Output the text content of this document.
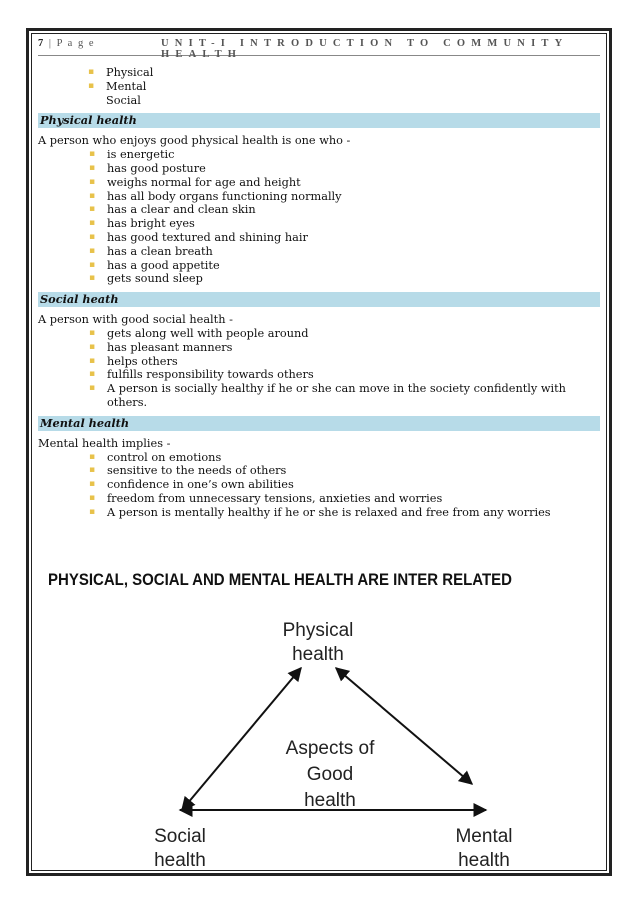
7 | P a g e	UNIT-I INTRODUCTION TO COMMUNITY HEALTH
▪ Physical
▪ Mental
Social
Physical health

A person who enjoys good physical health is one who -

▪ is energetic
▪ has good posture
▪ weighs normal for age and height
▪ has all body organs functioning normally
▪ has a clear and clean skin
▪ has bright eyes
▪ has good textured and shining hair
▪ has a clean breath
▪ has a good appetite
▪ gets sound sleep
Social heath

A person with good social health -

▪ gets along well with people around
▪ has pleasant manners
▪ helps others
▪ fulfills responsibility towards others
▪ A person is socially healthy if he or she can move in the society confidently with others.
Mental health

Mental health implies -

▪ control on emotions
▪ sensitive to the needs of others
▪ confidence in one’s own abilities
▪ freedom from unnecessary tensions, anxieties and worries
▪ A person is mentally healthy if he or she is relaxed and free from any worries
PHYSICAL, SOCIAL AND MENTAL HEALTH ARE INTER RELATED
Physical
health
Aspects of
Good
health
Social
health
Mental
health
